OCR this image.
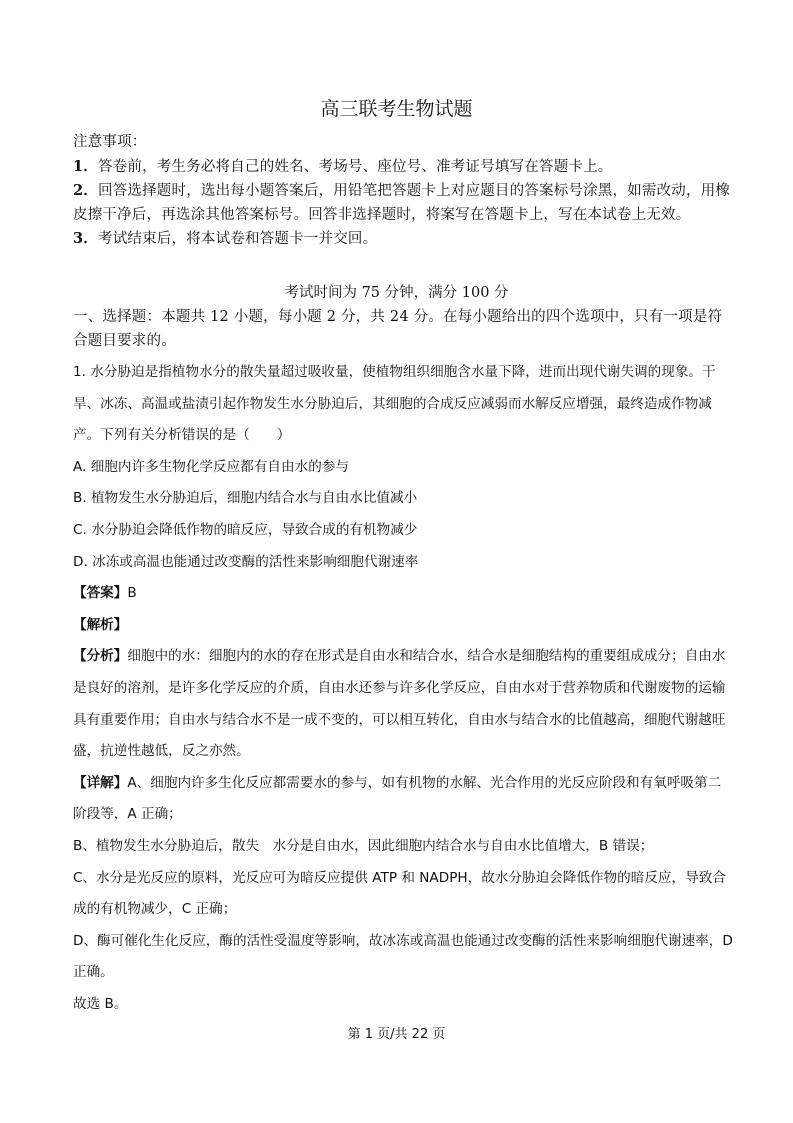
高三联考生物试题

注意事项：

1．答卷前，考生务必将自己的姓名、考场号、座位号、准考证号填写在答题卡上。

2．回答选择题时，选出每小题答案后，用铅笔把答题卡上对应题目的答案标号涂黑，如需改动，用橡皮擦干净后，再选涂其他答案标号。回答非选择题时，将案写在答题卡上，写在本试卷上无效。

3．考试结束后，将本试卷和答题卡一并交回。

考试时间为 75 分钟，满分 100 分

一、选择题：本题共 12 小题，每小题 2 分，共 24 分。在每小题给出的四个选项中，只有一项是符合题目要求的。

1. 水分胁迫是指植物水分的散失量超过吸收量，使植物组织细胞含水量下降，进而出现代谢失调的现象。干旱、冰冻、高温或盐渍引起作物发生水分胁迫后，其细胞的合成反应减弱而水解反应增强，最终造成作物减产。下列有关分析错误的是（　　）

A. 细胞内许多生物化学反应都有自由水的参与

B. 植物发生水分胁迫后，细胞内结合水与自由水比值减小

C. 水分胁迫会降低作物的暗反应，导致合成的有机物减少

D. 冰冻或高温也能通过改变酶的活性来影响细胞代谢速率

【答案】B

【解析】

【分析】细胞中的水：细胞内的水的存在形式是自由水和结合水，结合水是细胞结构的重要组成成分；自由水是良好的溶剂，是许多化学反应的介质，自由水还参与许多化学反应，自由水对于营养物质和代谢废物的运输具有重要作用；自由水与结合水不是一成不变的，可以相互转化，自由水与结合水的比值越高，细胞代谢越旺盛，抗逆性越低，反之亦然。

【详解】A、细胞内许多生化反应都需要水的参与，如有机物的水解、光合作用的光反应阶段和有氧呼吸第二阶段等，A 正确；

B、植物发生水分胁迫后，散失　水分是自由水，因此细胞内结合水与自由水比值增大，B 错误；

C、水分是光反应的原料，光反应可为暗反应提供 ATP 和 NADPH，故水分胁迫会降低作物的暗反应，导致合成的有机物减少，C 正确；

D、酶可催化生化反应，酶的活性受温度等影响，故冰冻或高温也能通过改变酶的活性来影响细胞代谢速率，D 正确。

故选 B。

第 1 页/共 22 页
